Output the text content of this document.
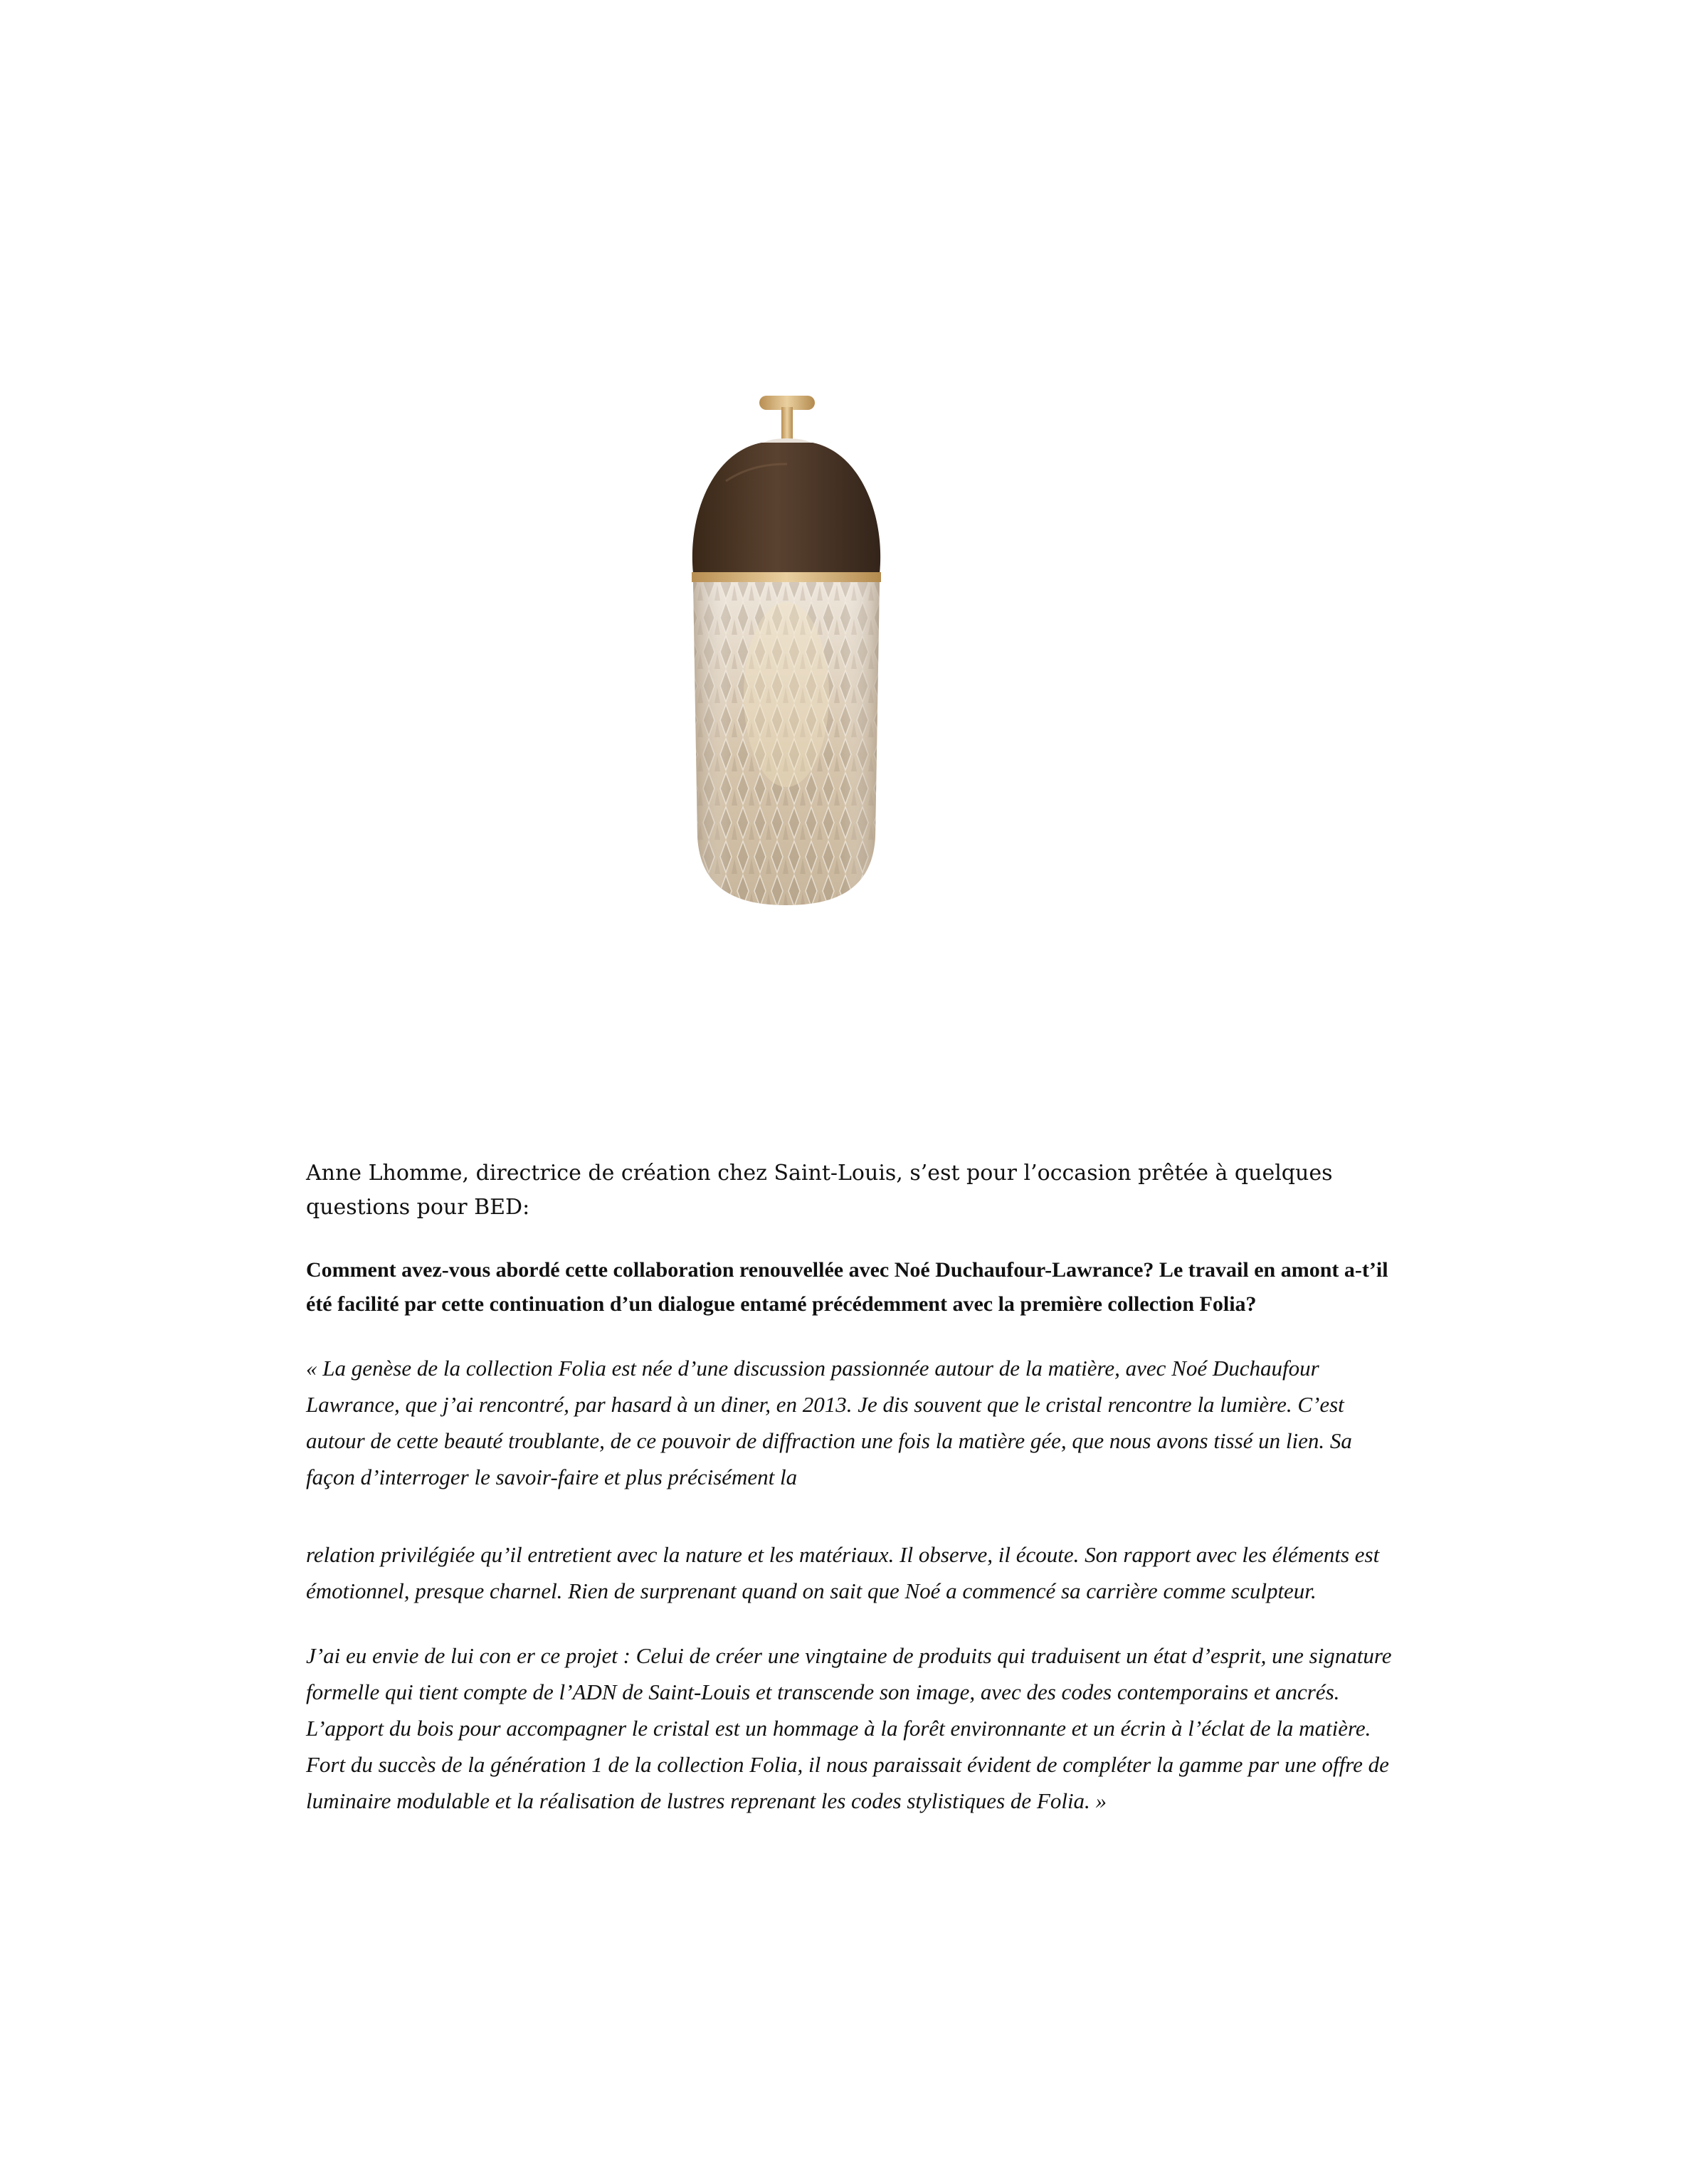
Anne Lhomme, directrice de création chez Saint-Louis, s’est pour l’occasion prêtée à quelques questions pour BED:

Comment avez-vous abordé cette collaboration renouvellée avec Noé Duchaufour-Lawrance? Le travail en amont a-t’il été facilité par cette continuation d’un dialogue entamé précédemment avec la première collection Folia?

« La genèse de la collection Folia est née d’une discussion passionnée autour de la matière, avec Noé Duchaufour Lawrance, que j’ai rencontré, par hasard à un diner, en 2013. Je dis souvent que le cristal rencontre la lumière. C’est autour de cette beauté troublante, de ce pouvoir de diffraction une fois la matière gée, que nous avons tissé un lien. Sa façon d’interroger le savoir-faire et plus précisément la

relation privilégiée qu’il entretient avec la nature et les matériaux. Il observe, il écoute. Son rapport avec les éléments est émotionnel, presque charnel. Rien de surprenant quand on sait que Noé a commencé sa carrière comme sculpteur.

J’ai eu envie de lui con er ce projet : Celui de créer une vingtaine de produits qui traduisent un état d’esprit, une signature formelle qui tient compte de l’ADN de Saint-Louis et transcende son image, avec des codes contemporains et ancrés. L’apport du bois pour accompagner le cristal est un hommage à la forêt environnante et un écrin à l’éclat de la matière. Fort du succès de la génération 1 de la collection Folia, il nous paraissait évident de compléter la gamme par une offre de luminaire modulable et la réalisation de lustres reprenant les codes stylistiques de Folia. »
